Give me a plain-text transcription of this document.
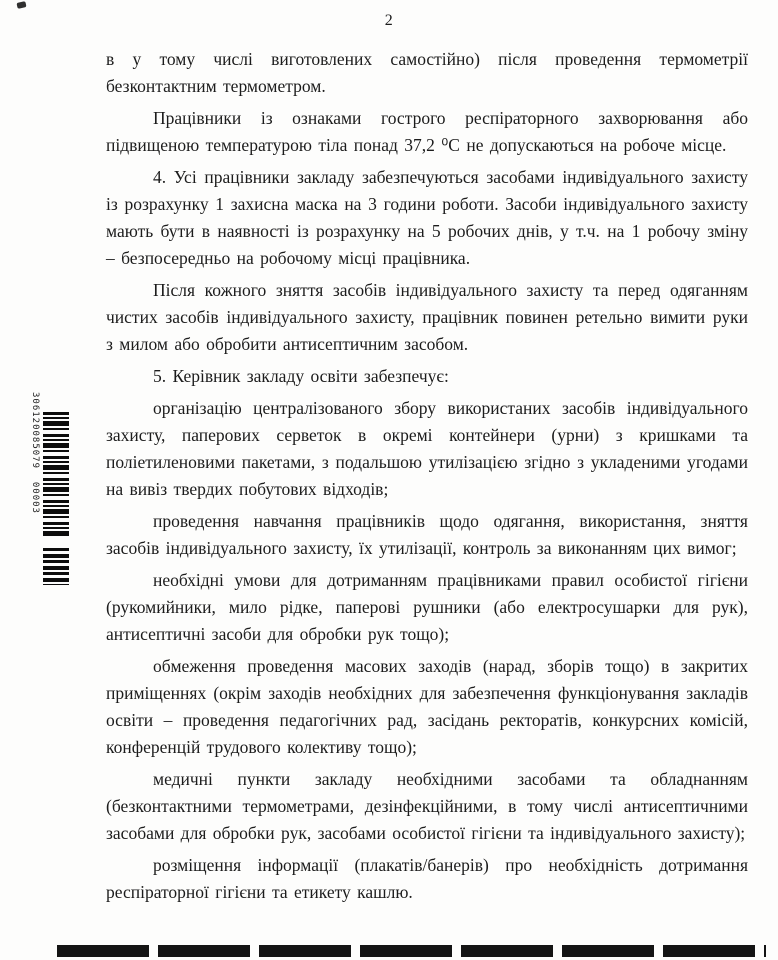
2
306120085079  00003

в у тому числі виготовлених самостійно) після проведення термометрії безконтактним термометром.

Працівники із ознаками гострого респіраторного захворювання або підвищеною температурою тіла понад 37,2 ⁰С не допускаються на робоче місце.

4. Усі працівники закладу забезпечуються засобами індивідуального захисту із розрахунку 1 захисна маска на 3 години роботи. Засоби індивідуального захисту мають бути в наявності із розрахунку на 5 робочих днів, у т.ч. на 1 робочу зміну – безпосередньо на робочому місці працівника.

Після кожного зняття засобів індивідуального захисту та перед одяганням чистих засобів індивідуального захисту, працівник повинен ретельно вимити руки з милом або обробити антисептичним засобом.

5. Керівник закладу освіти забезпечує:

організацію централізованого збору використаних засобів індивідуального захисту, паперових серветок в окремі контейнери (урни) з кришками та поліетиленовими пакетами, з подальшою утилізацією згідно з укладеними угодами на вивіз твердих побутових відходів;

проведення навчання працівників щодо одягання, використання, зняття засобів індивідуального захисту, їх утилізації, контроль за виконанням цих вимог;

необхідні умови для дотриманням працівниками правил особистої гігієни (рукомийники, мило рідке, паперові рушники (або електросушарки для рук), антисептичні засоби для обробки рук тощо);

обмеження проведення масових заходів (нарад, зборів тощо) в закритих приміщеннях (окрім заходів необхідних для забезпечення функціонування закладів освіти – проведення педагогічних рад, засідань ректоратів, конкурсних комісій, конференцій трудового колективу тощо);

медичні пункти закладу необхідними засобами та обладнанням (безконтактними термометрами, дезінфекційними, в тому числі антисептичними засобами для обробки рук, засобами особистої гігієни та індивідуального захисту);

розміщення інформації (плакатів/банерів) про необхідність дотримання респіраторної гігієни та етикету кашлю.
